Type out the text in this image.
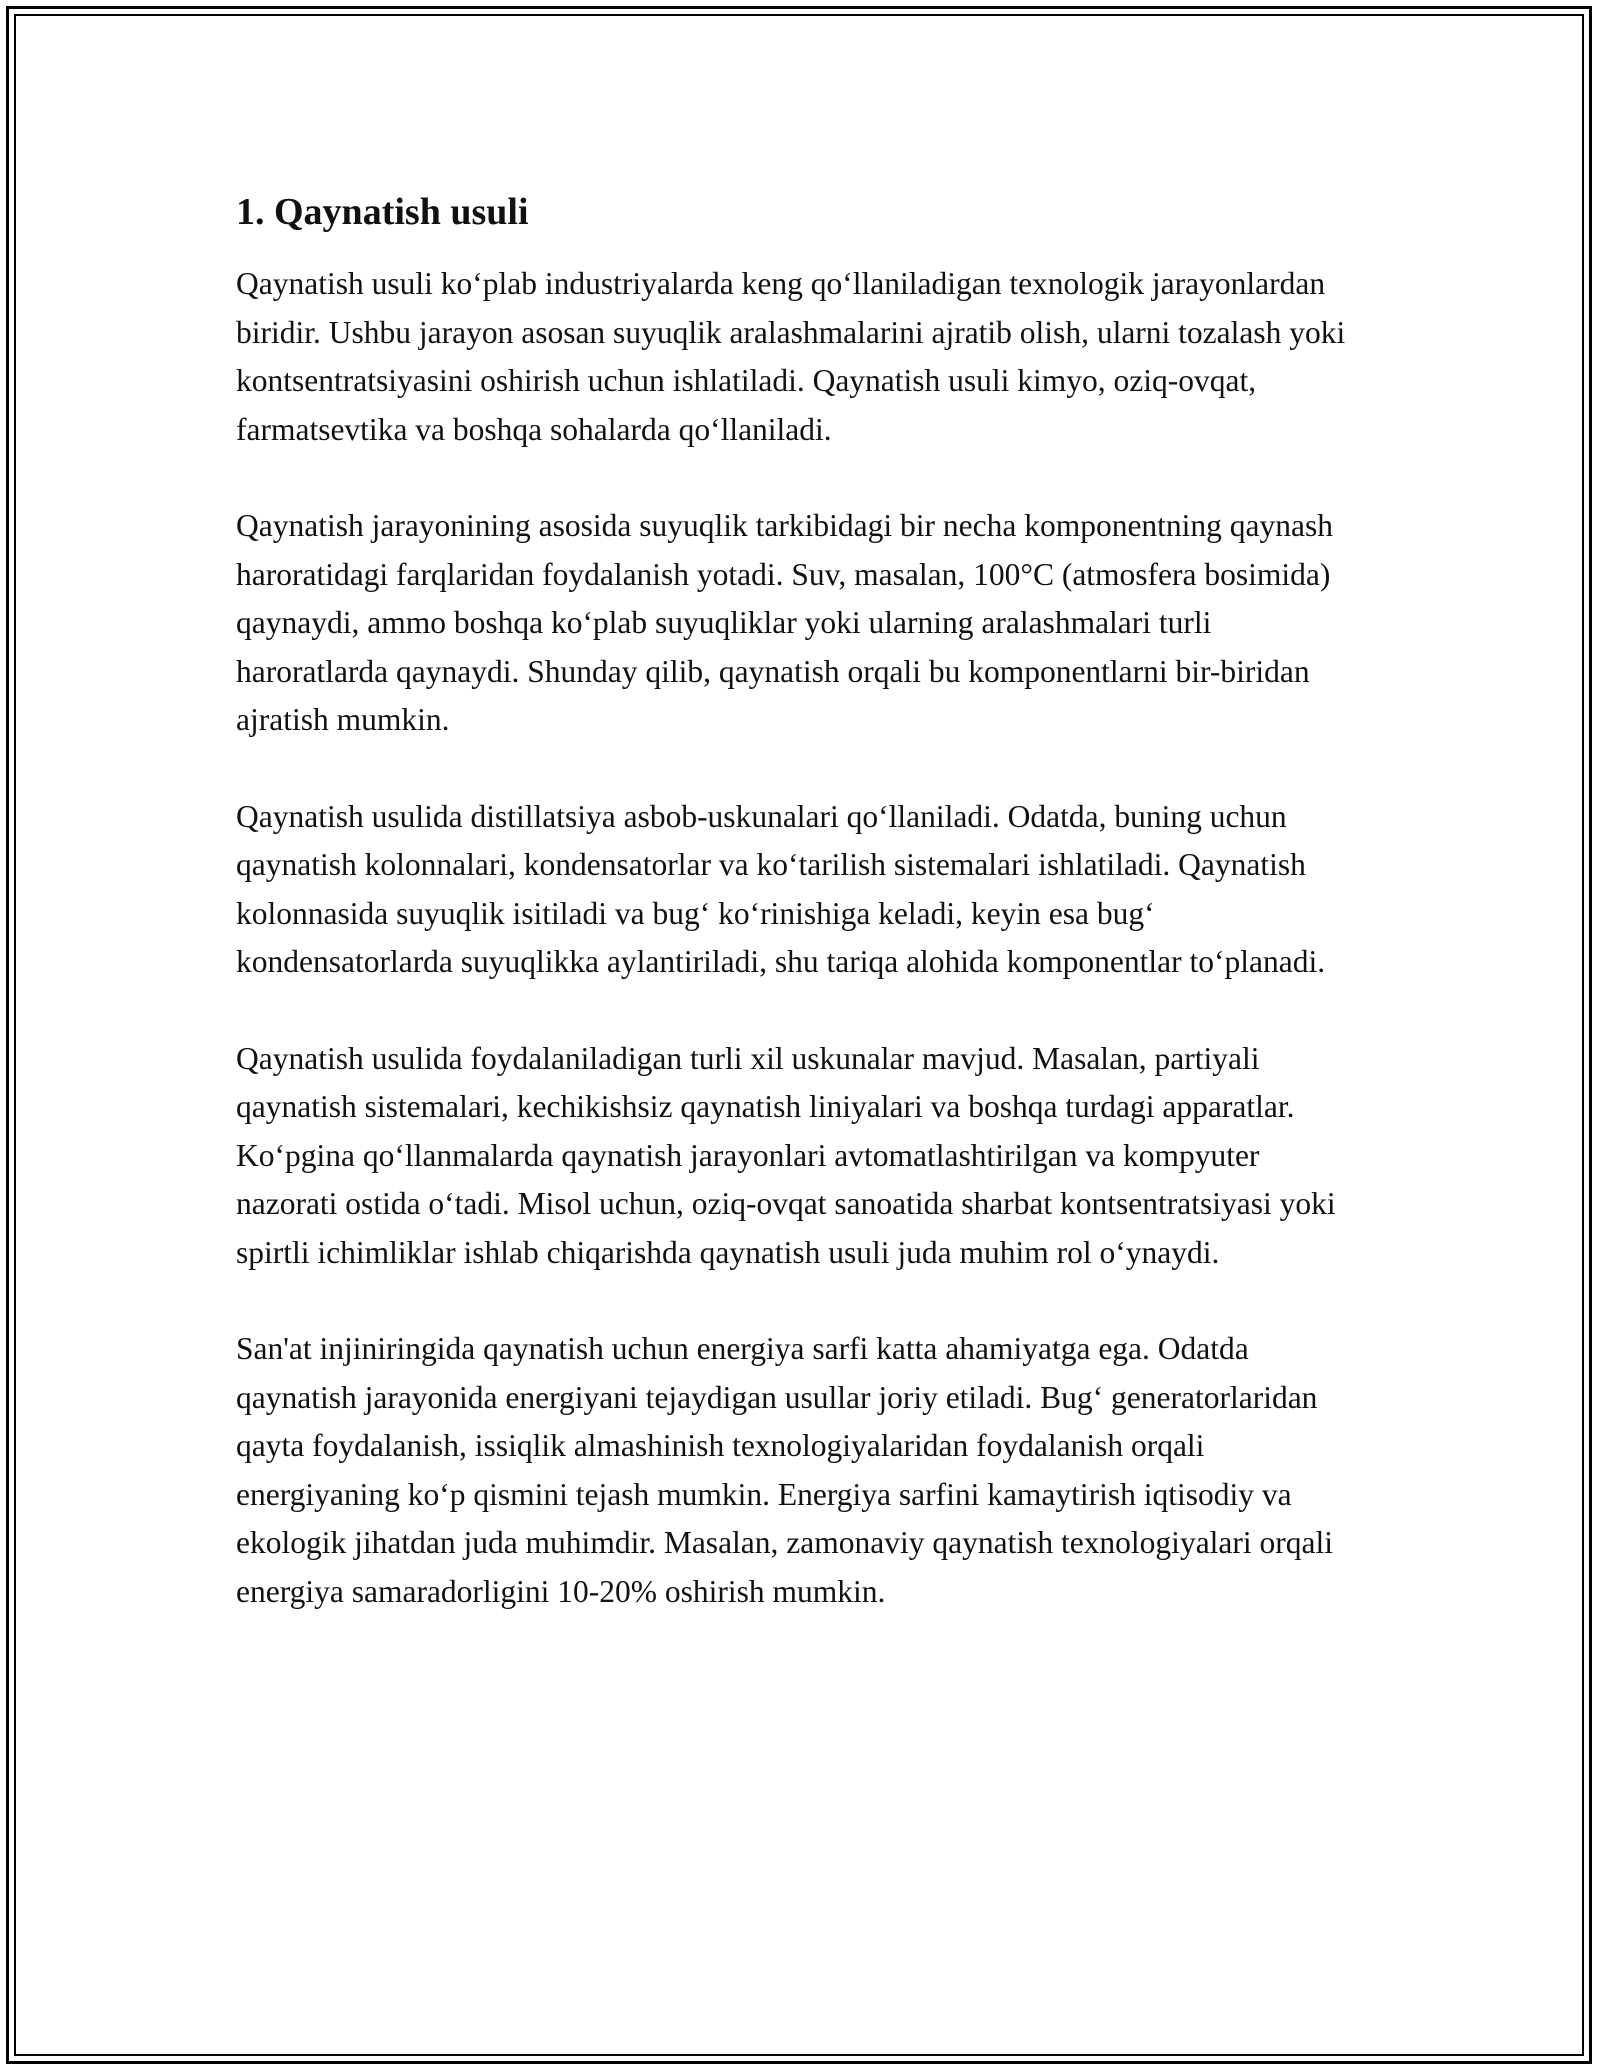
1. Qaynatish usuli

Qaynatish usuli ko‘plab industriyalarda keng qo‘llaniladigan texnologik jarayonlardan biridir. Ushbu jarayon asosan suyuqlik aralashmalarini ajratib olish, ularni tozalash yoki kontsentratsiyasini oshirish uchun ishlatiladi. Qaynatish usuli kimyo, oziq-ovqat, farmatsevtika va boshqa sohalarda qo‘llaniladi.

Qaynatish jarayonining asosida suyuqlik tarkibidagi bir necha komponentning qaynash haroratidagi farqlaridan foydalanish yotadi. Suv, masalan, 100°C (atmosfera bosimida) qaynaydi, ammo boshqa ko‘plab suyuqliklar yoki ularning aralashmalari turli haroratlarda qaynaydi. Shunday qilib, qaynatish orqali bu komponentlarni bir-biridan ajratish mumkin.

Qaynatish usulida distillatsiya asbob-uskunalari qo‘llaniladi. Odatda, buning uchun qaynatish kolonnalari, kondensatorlar va ko‘tarilish sistemalari ishlatiladi. Qaynatish kolonnasida suyuqlik isitiladi va bug‘ ko‘rinishiga keladi, keyin esa bug‘ kondensatorlarda suyuqlikka aylantiriladi, shu tariqa alohida komponentlar to‘planadi.

Qaynatish usulida foydalaniladigan turli xil uskunalar mavjud. Masalan, partiyali qaynatish sistemalari, kechikishsiz qaynatish liniyalari va boshqa turdagi apparatlar. Ko‘pgina qo‘llanmalarda qaynatish jarayonlari avtomatlashtirilgan va kompyuter nazorati ostida o‘tadi. Misol uchun, oziq-ovqat sanoatida sharbat kontsentratsiyasi yoki spirtli ichimliklar ishlab chiqarishda qaynatish usuli juda muhim rol o‘ynaydi.

San'at injiniringida qaynatish uchun energiya sarfi katta ahamiyatga ega. Odatda qaynatish jarayonida energiyani tejaydigan usullar joriy etiladi. Bug‘ generatorlaridan qayta foydalanish, issiqlik almashinish texnologiyalaridan foydalanish orqali energiyaning ko‘p qismini tejash mumkin. Energiya sarfini kamaytirish iqtisodiy va ekologik jihatdan juda muhimdir. Masalan, zamonaviy qaynatish texnologiyalari orqali energiya samaradorligini 10-20% oshirish mumkin.
